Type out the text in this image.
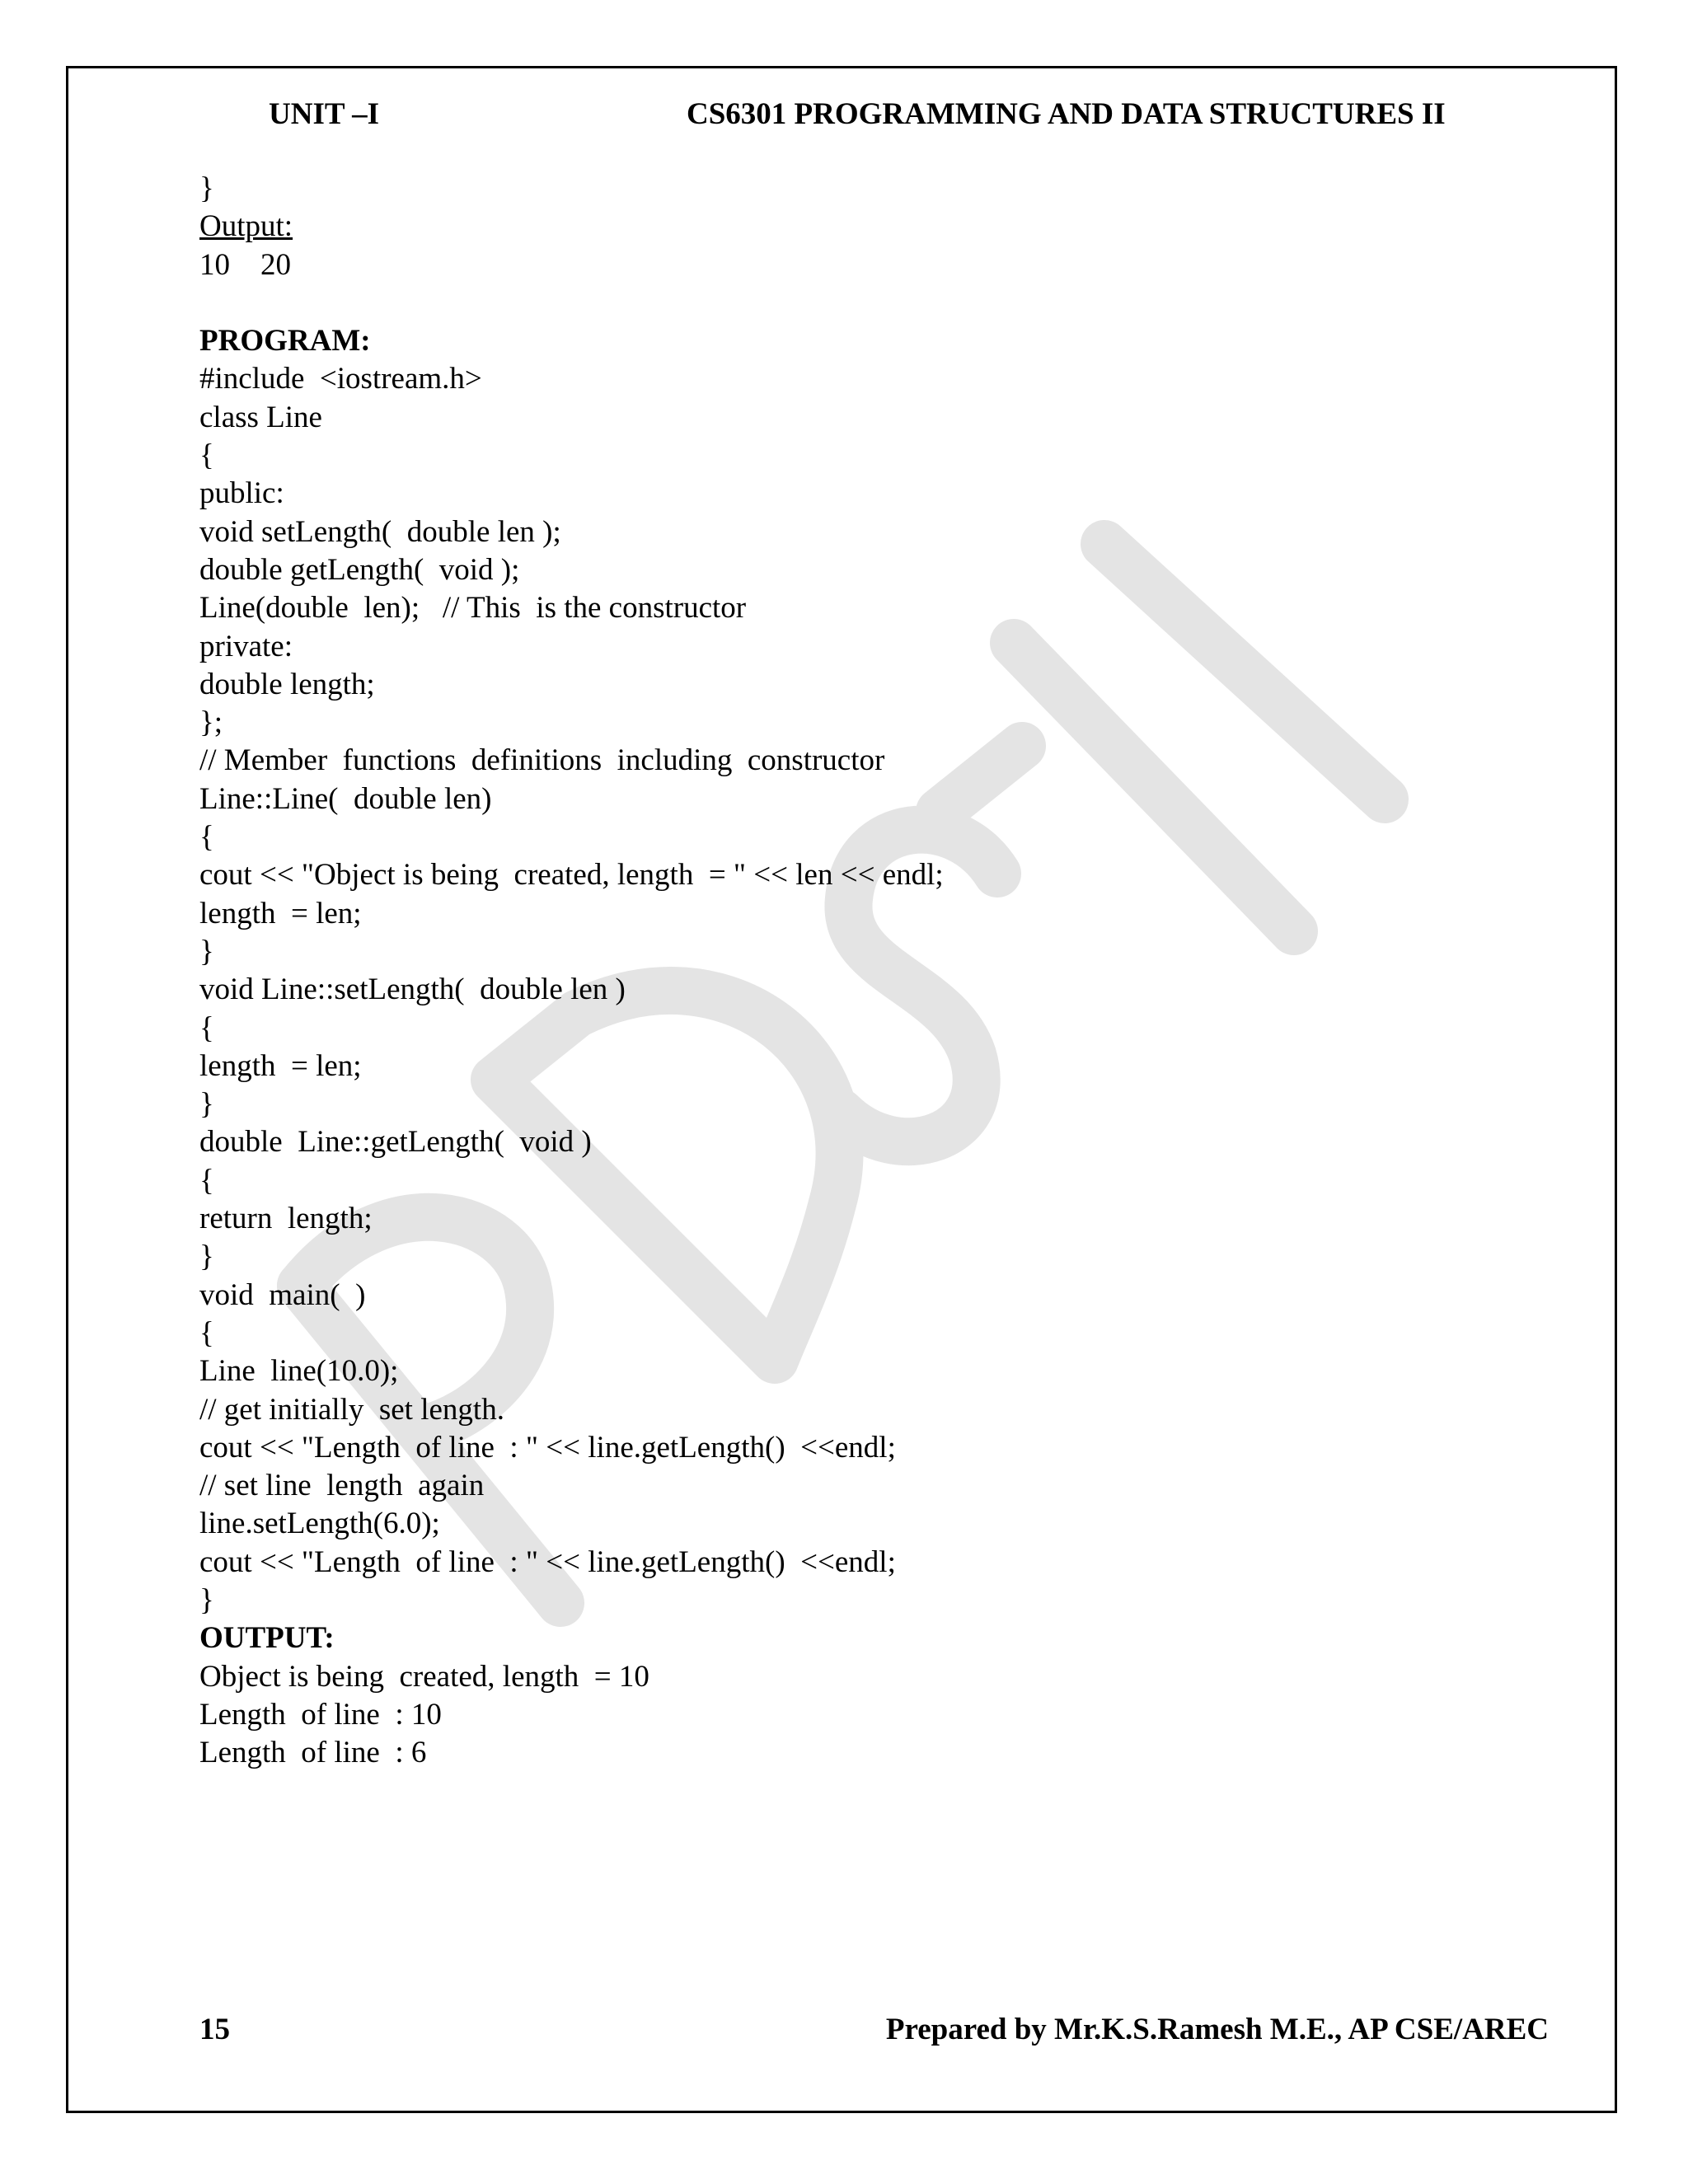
UNIT –I	CS6301 PROGRAMMING AND DATA STRUCTURES II
}
Output:
10    20
PROGRAM:
#include  <iostream.h>
class Line
{
public:
void setLength(  double len );
double getLength(  void );
Line(double  len);   // This  is the constructor
private:
double length;
};
// Member  functions  definitions  including  constructor
Line::Line(  double len)
{
cout << "Object is being  created, length  = " << len << endl;
length  = len;
}
void Line::setLength(  double len )
{
length  = len;
}
double  Line::getLength(  void )
{
return  length;
}
void  main(  )
{
Line  line(10.0);
// get initially  set length.
cout << "Length  of line  : " << line.getLength()  <<endl;
// set line  length  again
line.setLength(6.0);
cout << "Length  of line  : " << line.getLength()  <<endl;
}
OUTPUT:
Object is being  created, length  = 10
Length  of line  : 10
Length  of line  : 6
15	Prepared by Mr.K.S.Ramesh M.E., AP CSE/AREC
